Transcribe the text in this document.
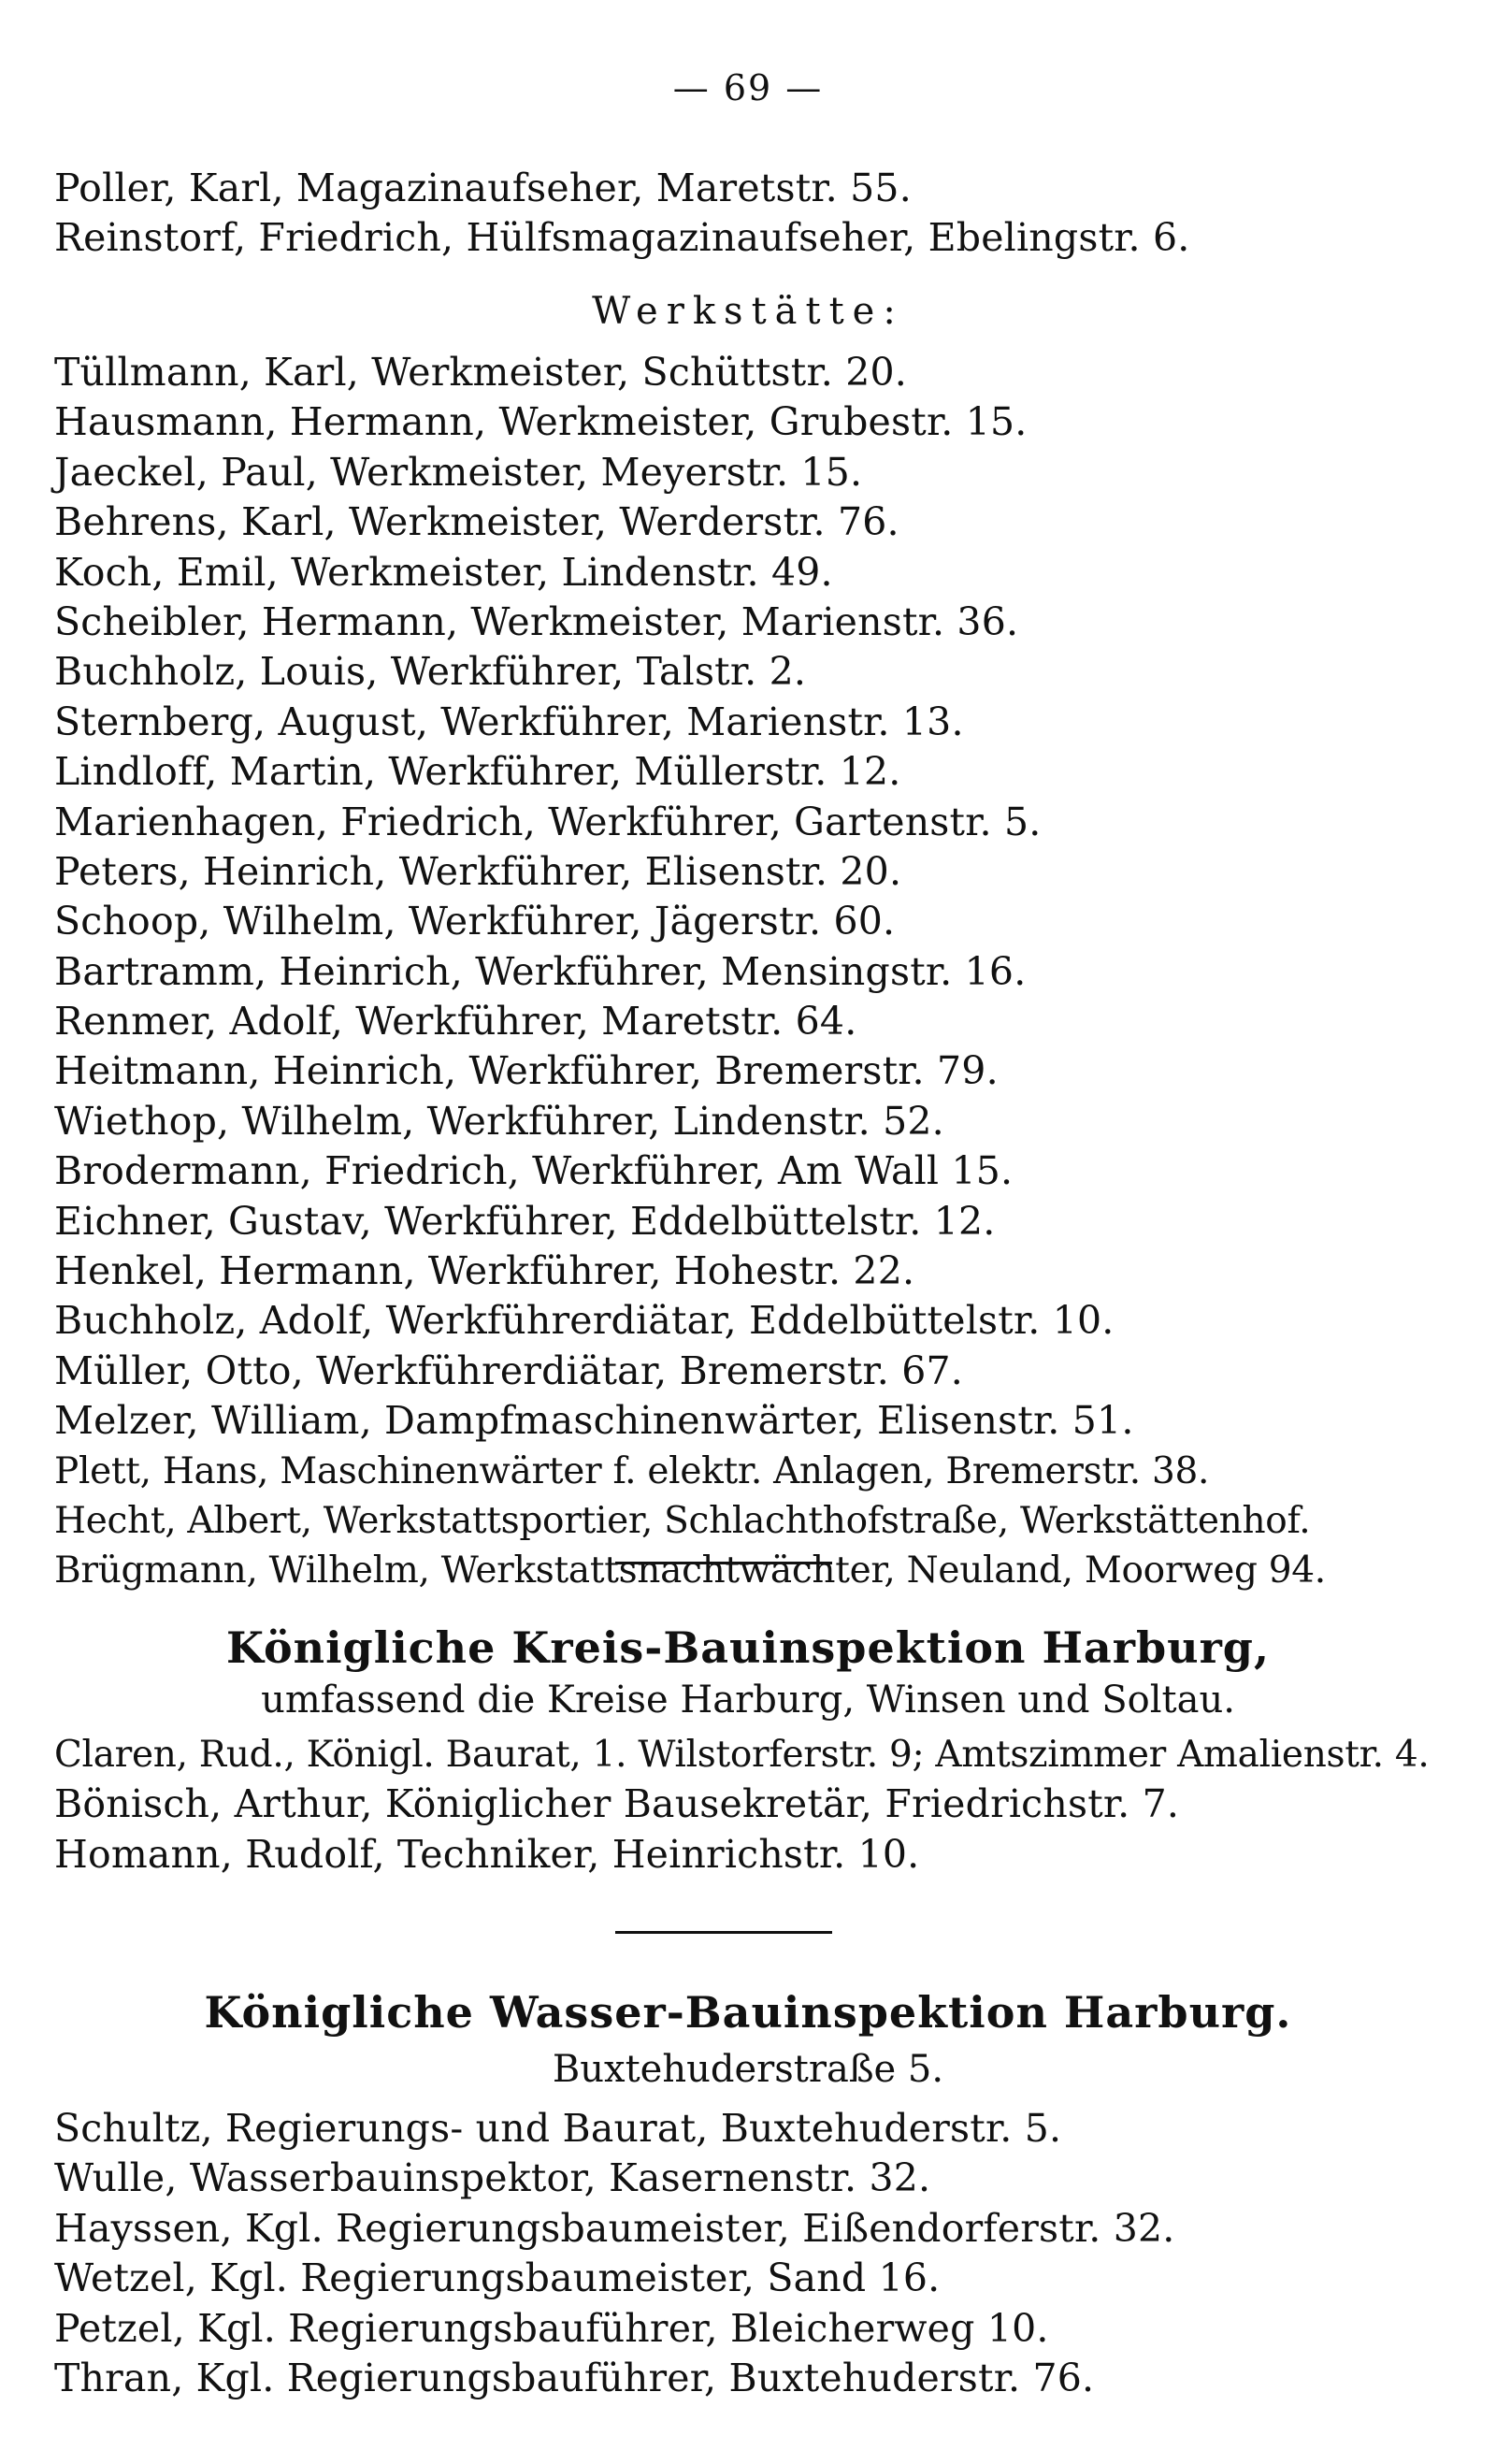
— 69 —
Poller, Karl, Magazinaufseher, Maretstr. 55.
Reinstorf, Friedrich, Hülfsmagazinaufseher, Ebelingstr. 6.
Werkstätte:
Tüllmann, Karl, Werkmeister, Schüttstr. 20.
Hausmann, Hermann, Werkmeister, Grubestr. 15.
Jaeckel, Paul, Werkmeister, Meyerstr. 15.
Behrens, Karl, Werkmeister, Werderstr. 76.
Koch, Emil, Werkmeister, Lindenstr. 49.
Scheibler, Hermann, Werkmeister, Marienstr. 36.
Buchholz, Louis, Werkführer, Talstr. 2.
Sternberg, August, Werkführer, Marienstr. 13.
Lindloff, Martin, Werkführer, Müllerstr. 12.
Marienhagen, Friedrich, Werkführer, Gartenstr. 5.
Peters, Heinrich, Werkführer, Elisenstr. 20.
Schoop, Wilhelm, Werkführer, Jägerstr. 60.
Bartramm, Heinrich, Werkführer, Mensingstr. 16.
Renmer, Adolf, Werkführer, Maretstr. 64.
Heitmann, Heinrich, Werkführer, Bremerstr. 79.
Wiethop, Wilhelm, Werkführer, Lindenstr. 52.
Brodermann, Friedrich, Werkführer, Am Wall 15.
Eichner, Gustav, Werkführer, Eddelbüttelstr. 12.
Henkel, Hermann, Werkführer, Hohestr. 22.
Buchholz, Adolf, Werkführerdiätar, Eddelbüttelstr. 10.
Müller, Otto, Werkführerdiätar, Bremerstr. 67.
Melzer, William, Dampfmaschinenwärter, Elisenstr. 51.
Plett, Hans, Maschinenwärter f. elektr. Anlagen, Bremerstr. 38.
Hecht, Albert, Werkstattsportier, Schlachthofstraße, Werkstättenhof.
Brügmann, Wilhelm, Werkstattsnachtwächter, Neuland, Moorweg 94.
Königliche Kreis-Bauinspektion Harburg,
umfassend die Kreise Harburg, Winsen und Soltau.
Claren, Rud., Königl. Baurat, 1. Wilstorferstr. 9; Amtszimmer Amalienstr. 4.
Bönisch, Arthur, Königlicher Bausekretär, Friedrichstr. 7.
Homann, Rudolf, Techniker, Heinrichstr. 10.
Königliche Wasser-Bauinspektion Harburg.
Buxtehuderstraße 5.
Schultz, Regierungs- und Baurat, Buxtehuderstr. 5.
Wulle, Wasserbauinspektor, Kasernenstr. 32.
Hayssen, Kgl. Regierungsbaumeister, Eißendorferstr. 32.
Wetzel, Kgl. Regierungsbaumeister, Sand 16.
Petzel, Kgl. Regierungsbauführer, Bleicherweg 10.
Thran, Kgl. Regierungsbauführer, Buxtehuderstr. 76.
